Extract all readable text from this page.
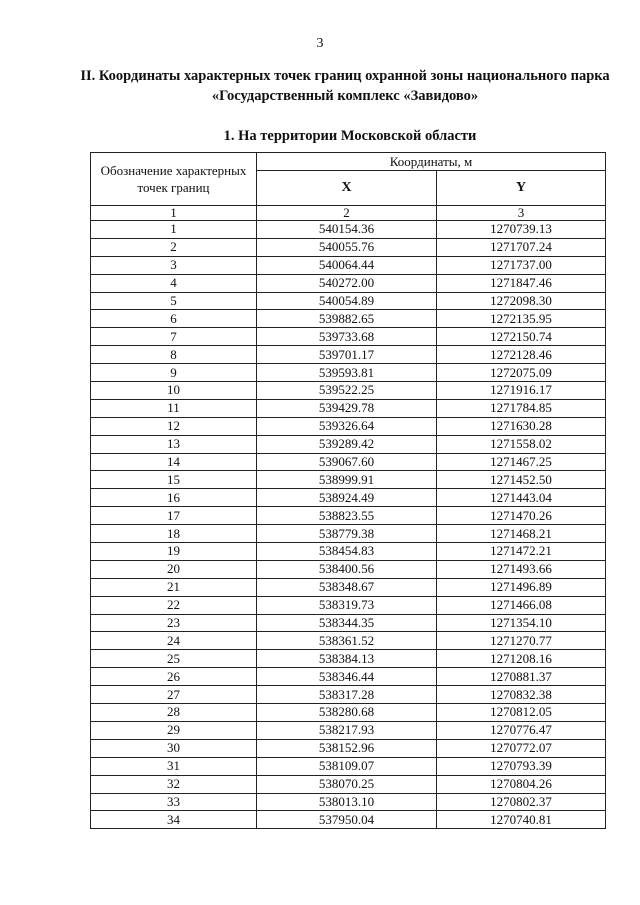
3
II. Координаты характерных точек границ охранной зоны национального парка «Государственный комплекс «Завидово»
1. На территории Московской области
Обозначение характерных точек границ	Координаты, м	
	X	Y
1	2	3
1	540154.36	1270739.13
2	540055.76	1271707.24
3	540064.44	1271737.00
4	540272.00	1271847.46
5	540054.89	1272098.30
6	539882.65	1272135.95
7	539733.68	1272150.74
8	539701.17	1272128.46
9	539593.81	1272075.09
10	539522.25	1271916.17
11	539429.78	1271784.85
12	539326.64	1271630.28
13	539289.42	1271558.02
14	539067.60	1271467.25
15	538999.91	1271452.50
16	538924.49	1271443.04
17	538823.55	1271470.26
18	538779.38	1271468.21
19	538454.83	1271472.21
20	538400.56	1271493.66
21	538348.67	1271496.89
22	538319.73	1271466.08
23	538344.35	1271354.10
24	538361.52	1271270.77
25	538384.13	1271208.16
26	538346.44	1270881.37
27	538317.28	1270832.38
28	538280.68	1270812.05
29	538217.93	1270776.47
30	538152.96	1270772.07
31	538109.07	1270793.39
32	538070.25	1270804.26
33	538013.10	1270802.37
34	537950.04	1270740.81
